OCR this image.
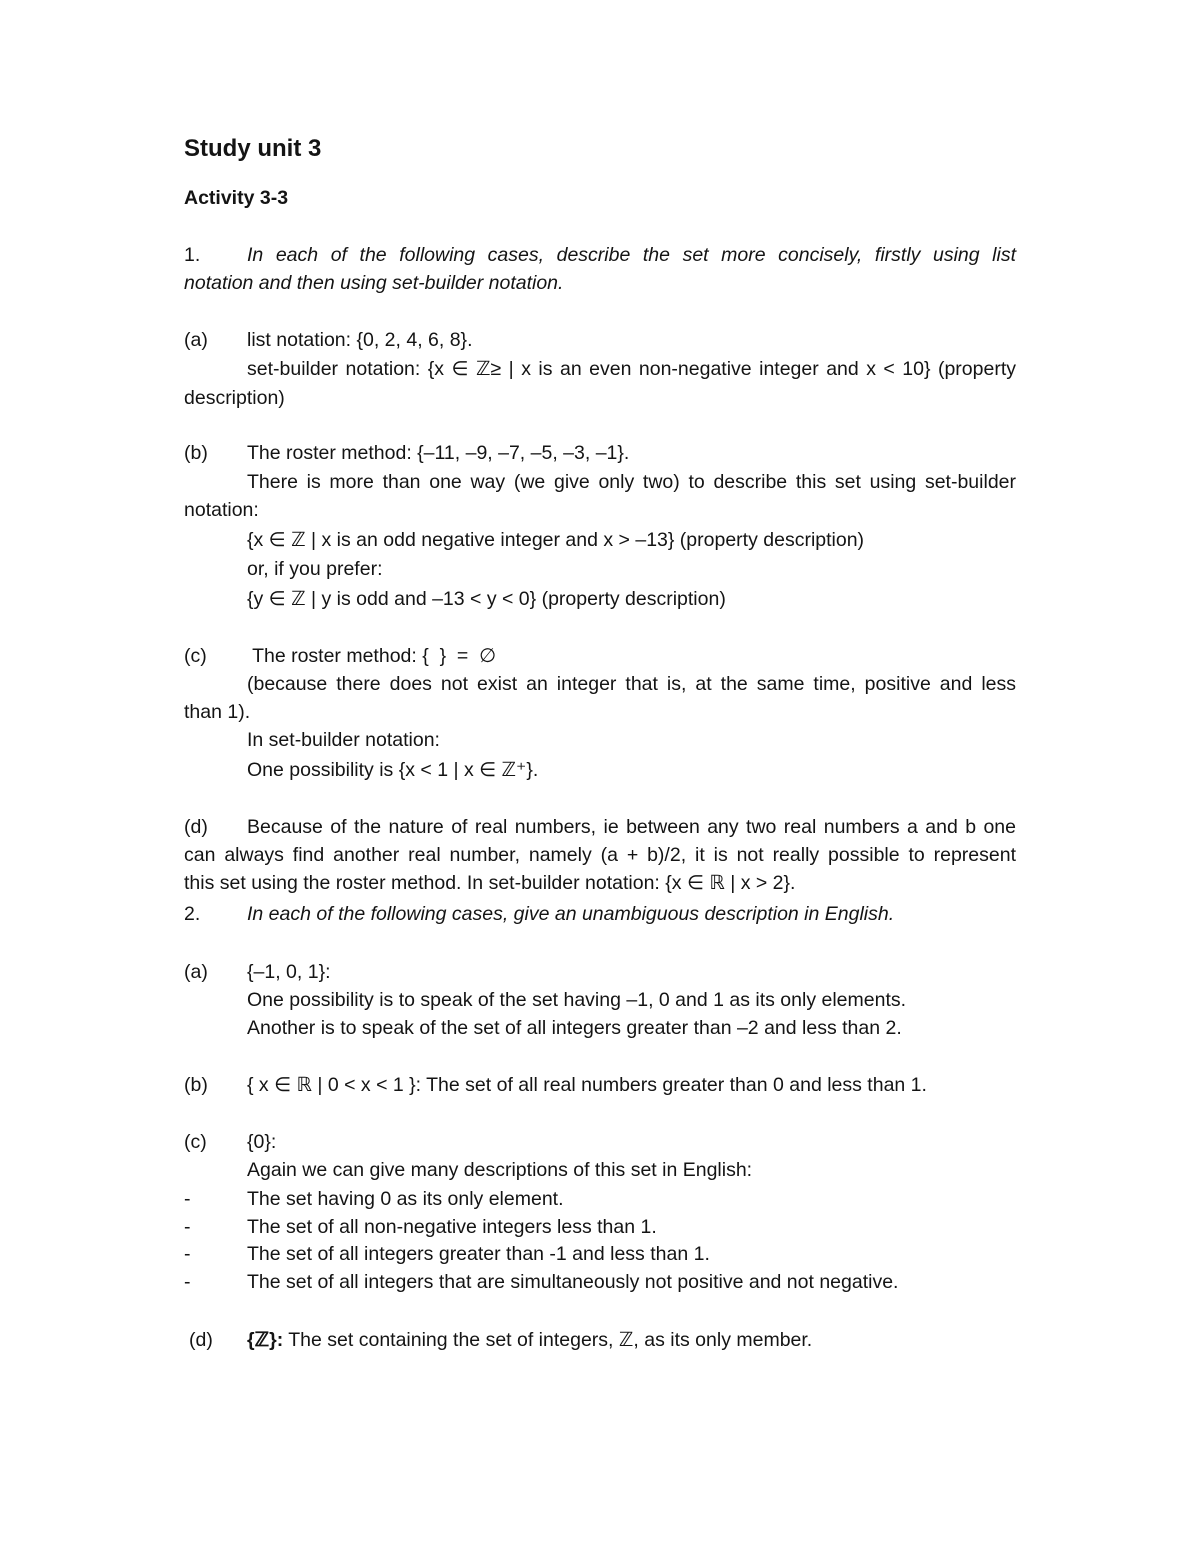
Study unit 3
Activity 3-3
1. In each of the following cases, describe the set more concisely, firstly using list
notation and then using set-builder notation.
(a) list notation: {0, 2, 4, 6, 8}.
set-builder notation: {x ∈ ℤ≥ | x is an even non-negative integer and x < 10} (property
description)
(b) The roster method: {–11, –9, –7, –5, –3, –1}.
There is more than one way (we give only two) to describe this set using set-builder
notation:
{x ∈ ℤ | x is an odd negative integer and x > –13} (property description)
or, if you prefer:
{y ∈ ℤ | y is odd and –13 < y < 0} (property description)
(c) The roster method: {  }  =  ∅
(because there does not exist an integer that is, at the same time, positive and less
than 1).
In set-builder notation:
One possibility is {x < 1 | x ∈ ℤ⁺}.
(d) Because of the nature of real numbers, ie between any two real numbers a and b one
can always find another real number, namely (a + b)/2, it is not really possible to represent
this set using the roster method. In set-builder notation: {x ∈ ℝ | x > 2}.
2. In each of the following cases, give an unambiguous description in English.
(a) {–1, 0, 1}:
One possibility is to speak of the set having –1, 0 and 1 as its only elements.
Another is to speak of the set of all integers greater than –2 and less than 2.
(b) { x ∈ ℝ | 0 < x < 1 }: The set of all real numbers greater than 0 and less than 1.
(c) {0}:
Again we can give many descriptions of this set in English:
-	The set having 0 as its only element.
-	The set of all non-negative integers less than 1.
-	The set of all integers greater than -1 and less than 1.
-	The set of all integers that are simultaneously not positive and not negative.
(d) {ℤ}: The set containing the set of integers, ℤ, as its only member.
